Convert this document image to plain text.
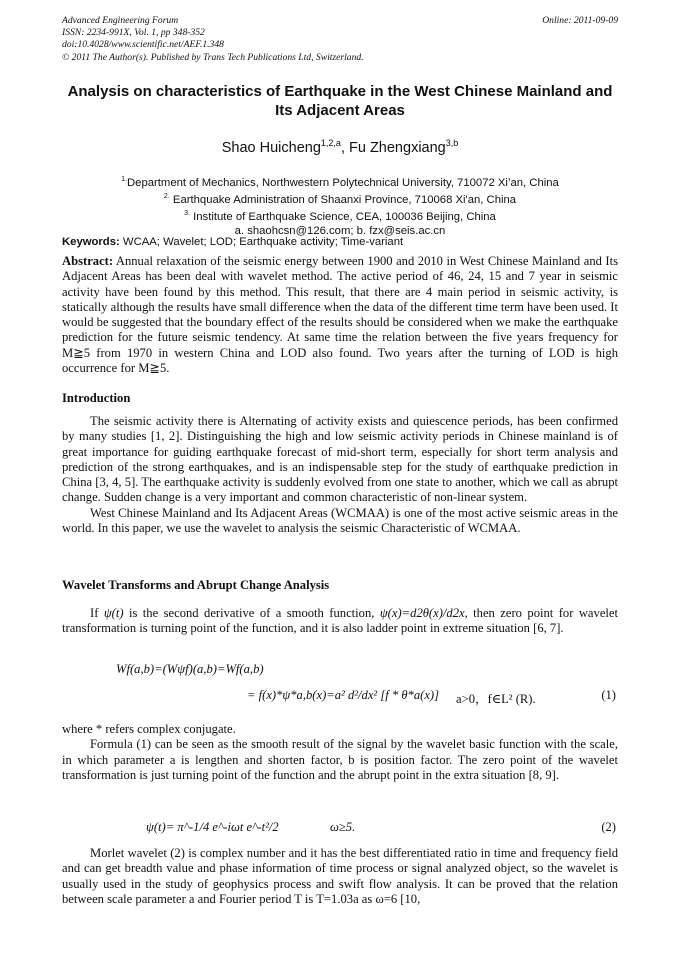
Advanced Engineering Forum
ISSN: 2234-991X, Vol. 1, pp 348-352
doi:10.4028/www.scientific.net/AEF.1.348
© 2011 The Author(s). Published by Trans Tech Publications Ltd, Switzerland.
Online: 2011-09-09
Analysis on characteristics of Earthquake in the West Chinese Mainland and Its Adjacent Areas
Shao Huicheng$^{1,2,a}$, Fu Zhengxiang$^{3,b}$
$^{1.}$Department of Mechanics, Northwestern Polytechnical University, 710072 Xi’an, China
$^{2.}$ Earthquake Administration of Shaanxi Province, 710068 Xi'an, China
$^{3.}$ Institute of Earthquake Science, CEA, 100036 Beijing, China
a. shaohcsn@126.com; b. fzx@seis.ac.cn
Keywords: WCAA; Wavelet; LOD; Earthquake activity; Time-variant

Abstract: Annual relaxation of the seismic energy between 1900 and 2010 in West Chinese Mainland and Its Adjacent Areas has been deal with wavelet method. The active period of 46, 24, 15 and 7 year in seismic activity have been found by this method. This result, that there are 4 main period in seismic activity, is statically although the results have small difference when the data of the different time term have been used. It would be suggested that the boundary effect of the results should be considered when we make the earthquake prediction for the future seismic tendency. At same time the relation between the five years frequency for M≧5 from 1970 in western China and LOD also found. Two years after the turning of LOD is high occurrence for M≧5.

Introduction

The seismic activity there is Alternating of activity exists and quiescence periods, has been confirmed by many studies [1, 2]. Distinguishing the high and low seismic activity periods in Chinese mainland is of great importance for guiding earthquake forecast of mid-short term, especially for short term analysis and prediction of the strong earthquakes, and is an indispensable step for the study of earthquake prediction in China [3, 4, 5]. The earthquake activity is suddenly evolved from one state to another, which we call as abrupt change. Sudden change is a very important and common characteristic of non-linear system.

West Chinese Mainland and Its Adjacent Areas (WCMAA) is one of the most active seismic areas in the world. In this paper, we use the wavelet to analysis the seismic Characteristic of WCMAA.

Wavelet Transforms and Abrupt Change Analysis

If ψ(t) is the second derivative of a smooth function, ψ(x)=d2θ(x)/d2x, then zero point for wavelet transformation is turning point of the function, and it is also ladder point in extreme situation [6, 7].

Wf(a,b)=(Wψf)(a,b)=Wf(a,b)
= f(x)*ψ*a,b(x)=a² d²/dx² [f * θ*a(x)] a>0，f∈L² (R).	(1)

where * refers complex conjugate.

Formula (1) can be seen as the smooth result of the signal by the wavelet basic function with the scale, in which parameter a is lengthen and shorten factor, b is position factor. The zero point of the wavelet transformation is just turning point of the function and the abrupt point in the extra situation [8, 9].

ψ(t)= π^-1/4 e^-iωt e^-t²/2	ω≥5.	(2)

Morlet wavelet (2) is complex number and it has the best differentiated ratio in time and frequency field and can get breadth value and phase information of time process or signal analyzed object, so the wavelet is usually used in the study of geophysics process and swift flow analysis. It can be proved that the relation between scale parameter a and Fourier period T is T=1.03a as ω=6 [10,
